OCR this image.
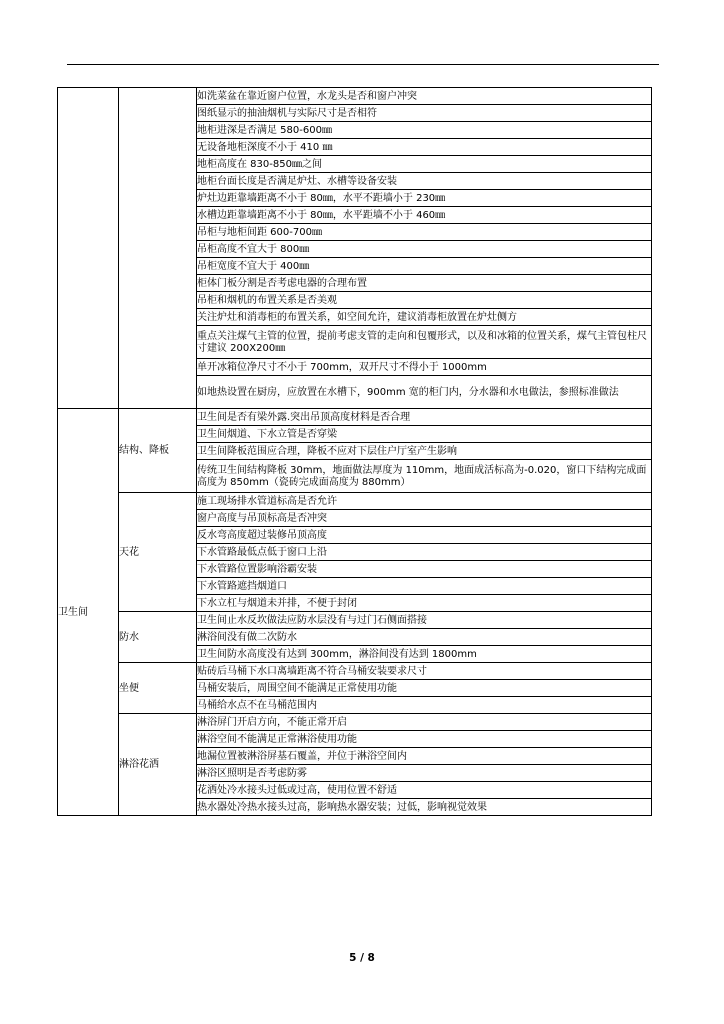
		如洗菜盆在靠近窗户位置，水龙头是否和窗户冲突
		图纸显示的抽油烟机与实际尺寸是否相符
		地柜进深是否满足 580-600㎜
		无设备地柜深度不小于 410 ㎜
		地柜高度在 830-850㎜之间
		地柜台面长度是否满足炉灶、水槽等设备安装
		炉灶边距靠墙距离不小于 80㎜，水平不距墙小于 230㎜
		水槽边距靠墙距离不小于 80㎜，水平距墙不小于 460㎜
		吊柜与地柜间距 600-700㎜
		吊柜高度不宜大于 800㎜
		吊柜宽度不宜大于 400㎜
		柜体门板分割是否考虑电器的合理布置
		吊柜和烟机的布置关系是否美观
		关注炉灶和消毒柜的布置关系，如空间允许，建议消毒柜放置在炉灶侧方
		重点关注煤气主管的位置，提前考虑支管的走向和包覆形式，以及和冰箱的位置关系，煤气主管包柱尺寸建议 200X200㎜
		单开冰箱位净尺寸不小于 700mm，双开尺寸不得小于 1000mm
		如地热设置在厨房，应放置在水槽下，900mm 宽的柜门内，分水器和水电做法，参照标准做法
卫生间	结构、降板	卫生间是否有梁外露.突出吊顶高度材料是否合理
		卫生间烟道、下水立管是否穿梁
		卫生间降板范围应合理，降板不应对下层住户厅室产生影响
		传统卫生间结构降板 30mm，地面做法厚度为 110mm，地面成活标高为-0.020，窗口下结构完成面高度为 850mm（瓷砖完成面高度为 880mm）
	天花	施工现场排水管道标高是否允许
		窗户高度与吊顶标高是否冲突
		反水弯高度超过装修吊顶高度
		下水管路最低点低于窗口上沿
		下水管路位置影响浴霸安装
		下水管路遮挡烟道口
		下水立杠与烟道未并排，不便于封闭
	防水	卫生间止水反坎做法应防水层没有与过门石侧面搭接
		淋浴间没有做二次防水
		卫生间防水高度没有达到 300mm，淋浴间没有达到 1800mm
	坐便	贴砖后马桶下水口离墙距离不符合马桶安装要求尺寸
		马桶安装后，周围空间不能满足正常使用功能
		马桶给水点不在马桶范围内
	淋浴花洒	淋浴屏门开启方向，不能正常开启
		淋浴空间不能满足正常淋浴使用功能
		地漏位置被淋浴屏基石覆盖，并位于淋浴空间内
		淋浴区照明是否考虑防雾
		花洒处冷水接头过低或过高，使用位置不舒适
		热水器处冷热水接头过高，影响热水器安装；过低，影响视觉效果
5 / 8
